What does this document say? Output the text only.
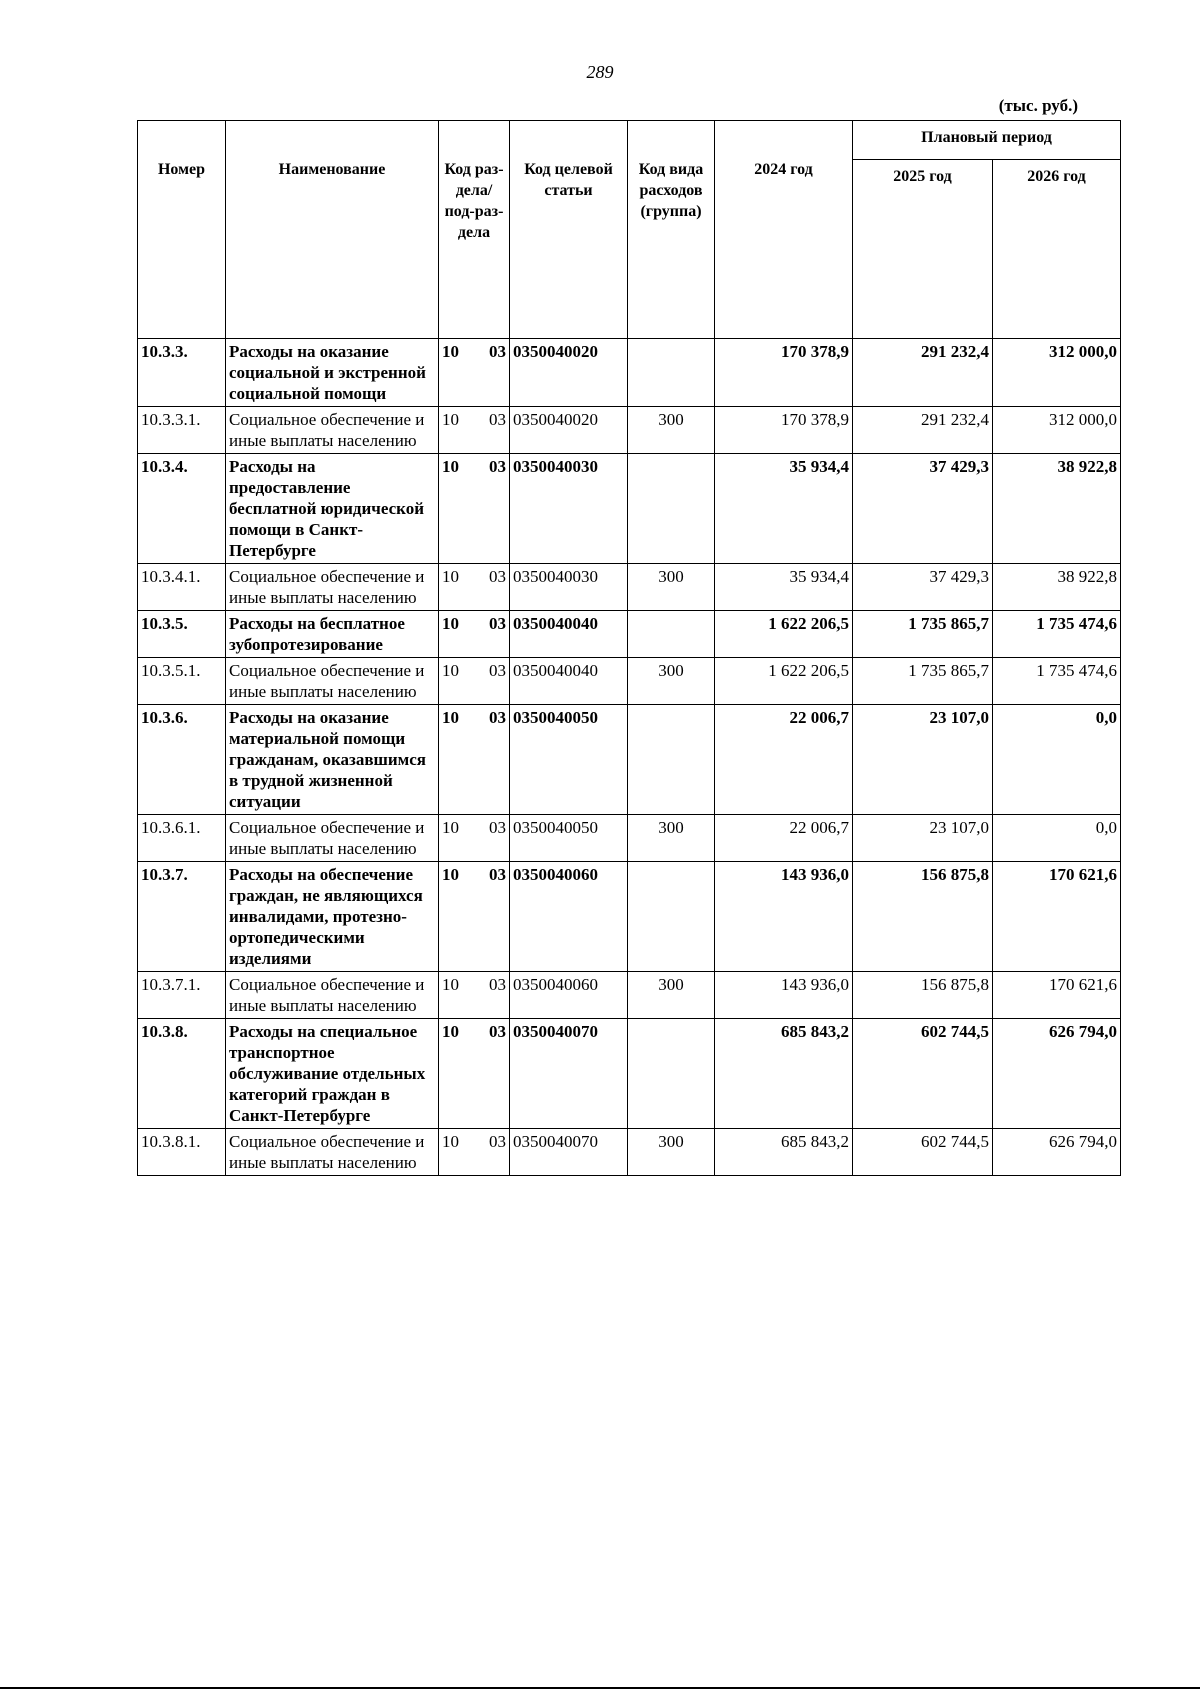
289
(тыс. руб.)
Номер	Наименование	Код раз-дела/ под-раз-дела	Код целевой статьи	Код вида расходов (группа)	2024 год	Плановый период	
						2025 год	2026 год
10.3.3.	Расходы на оказание социальной и экстренной социальной помощи	10 03	0350040020		170 378,9	291 232,4	312 000,0
10.3.3.1.	Социальное обеспечение и иные выплаты населению	10 03	0350040020	300	170 378,9	291 232,4	312 000,0
10.3.4.	Расходы на предоставление бесплатной юридической помощи в Санкт-Петербурге	10 03	0350040030		35 934,4	37 429,3	38 922,8
10.3.4.1.	Социальное обеспечение и иные выплаты населению	10 03	0350040030	300	35 934,4	37 429,3	38 922,8
10.3.5.	Расходы на бесплатное зубопротезирование	10 03	0350040040		1 622 206,5	1 735 865,7	1 735 474,6
10.3.5.1.	Социальное обеспечение и иные выплаты населению	10 03	0350040040	300	1 622 206,5	1 735 865,7	1 735 474,6
10.3.6.	Расходы на оказание материальной помощи гражданам, оказавшимся в трудной жизненной ситуации	10 03	0350040050		22 006,7	23 107,0	0,0
10.3.6.1.	Социальное обеспечение и иные выплаты населению	10 03	0350040050	300	22 006,7	23 107,0	0,0
10.3.7.	Расходы на обеспечение граждан, не являющихся инвалидами, протезно-ортопедическими изделиями	10 03	0350040060		143 936,0	156 875,8	170 621,6
10.3.7.1.	Социальное обеспечение и иные выплаты населению	10 03	0350040060	300	143 936,0	156 875,8	170 621,6
10.3.8.	Расходы на специальное транспортное обслуживание отдельных категорий граждан в Санкт-Петербурге	10 03	0350040070		685 843,2	602 744,5	626 794,0
10.3.8.1.	Социальное обеспечение и иные выплаты населению	10 03	0350040070	300	685 843,2	602 744,5	626 794,0
